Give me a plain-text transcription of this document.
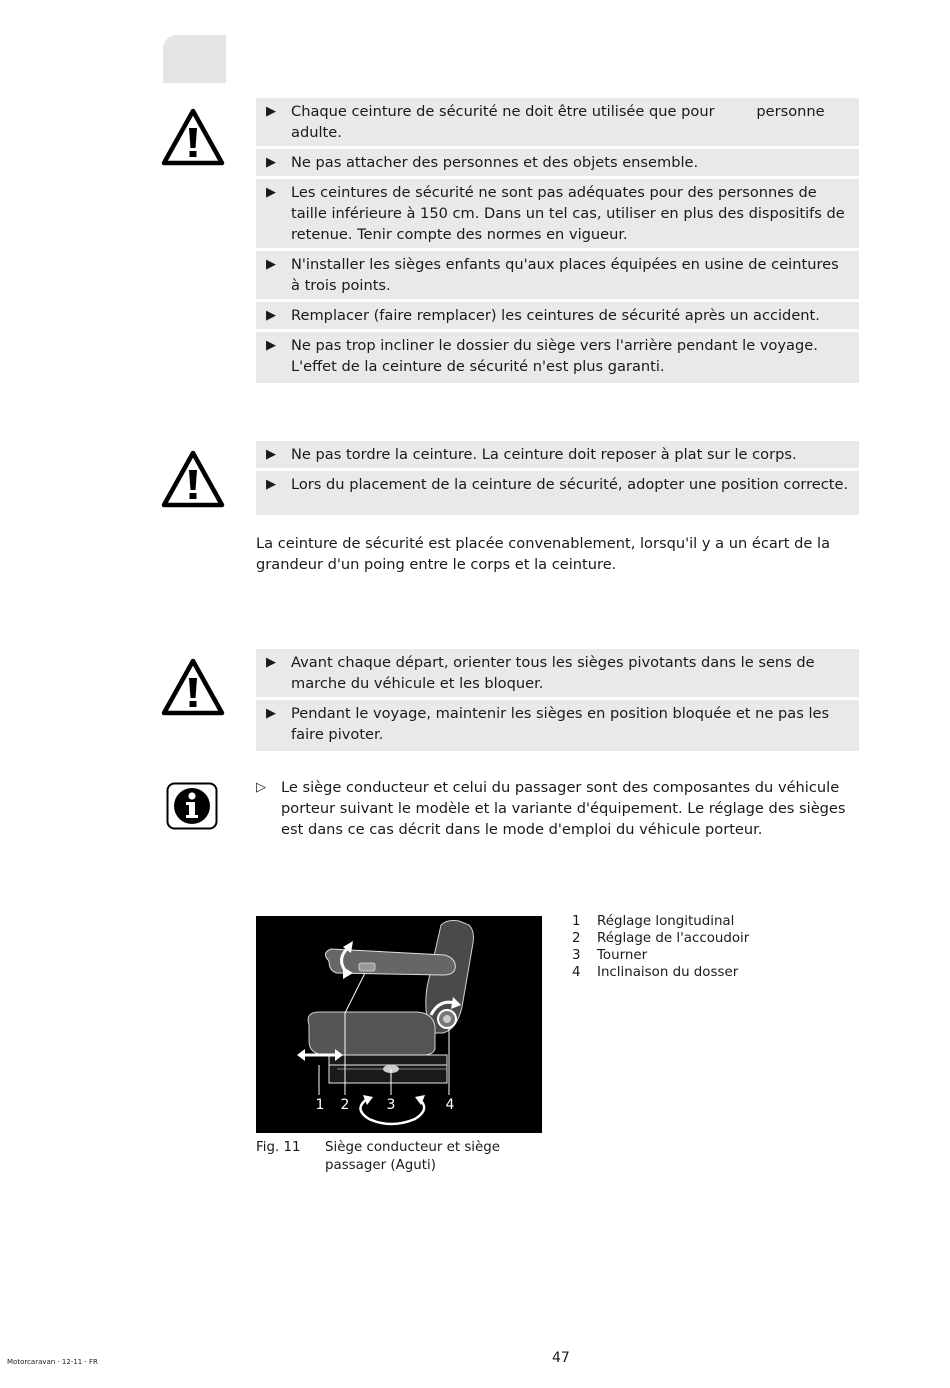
▶ Chaque ceinture de sécurité ne doit être utilisée que pour         personne adulte.
▶ Ne pas attacher des personnes et des objets ensemble.
▶ Les ceintures de sécurité ne sont pas adéquates pour des personnes de taille inférieure à 150 cm. Dans un tel cas, utiliser en plus des dispositifs de retenue. Tenir compte des normes en vigueur.
▶ N'installer les sièges enfants qu'aux places équipées en usine de ceintures à trois points.
▶ Remplacer (faire remplacer) les ceintures de sécurité après un accident.
▶ Ne pas trop incliner le dossier du siège vers l'arrière pendant le voyage. L'effet de la ceinture de sécurité n'est plus garanti.
▶ Ne pas tordre la ceinture. La ceinture doit reposer à plat sur le corps.
▶ Lors du placement de la ceinture de sécurité, adopter une position correcte.

La ceinture de sécurité est placée convenablement, lorsqu'il y a un écart de la grandeur d'un poing entre le corps et la ceinture.

▶ Avant chaque départ, orienter tous les sièges pivotants dans le sens de marche du véhicule et les bloquer.
▶ Pendant le voyage, maintenir les sièges en position bloquée et ne pas les faire pivoter.
▷ Le siège conducteur et celui du passager sont des composantes du véhicule porteur suivant le modèle et la variante d'équipement. Le réglage des sièges est dans ce cas décrit dans le mode d'emploi du véhicule porteur.
1 2	3	4
Fig. 11 Siège conducteur et siège passager (Aguti)
1	Réglage longitudinal
2	Réglage de l'accoudoir
3	Tourner
4	Inclinaison du dosser
47
Motorcaravan · 12-11 · FR
